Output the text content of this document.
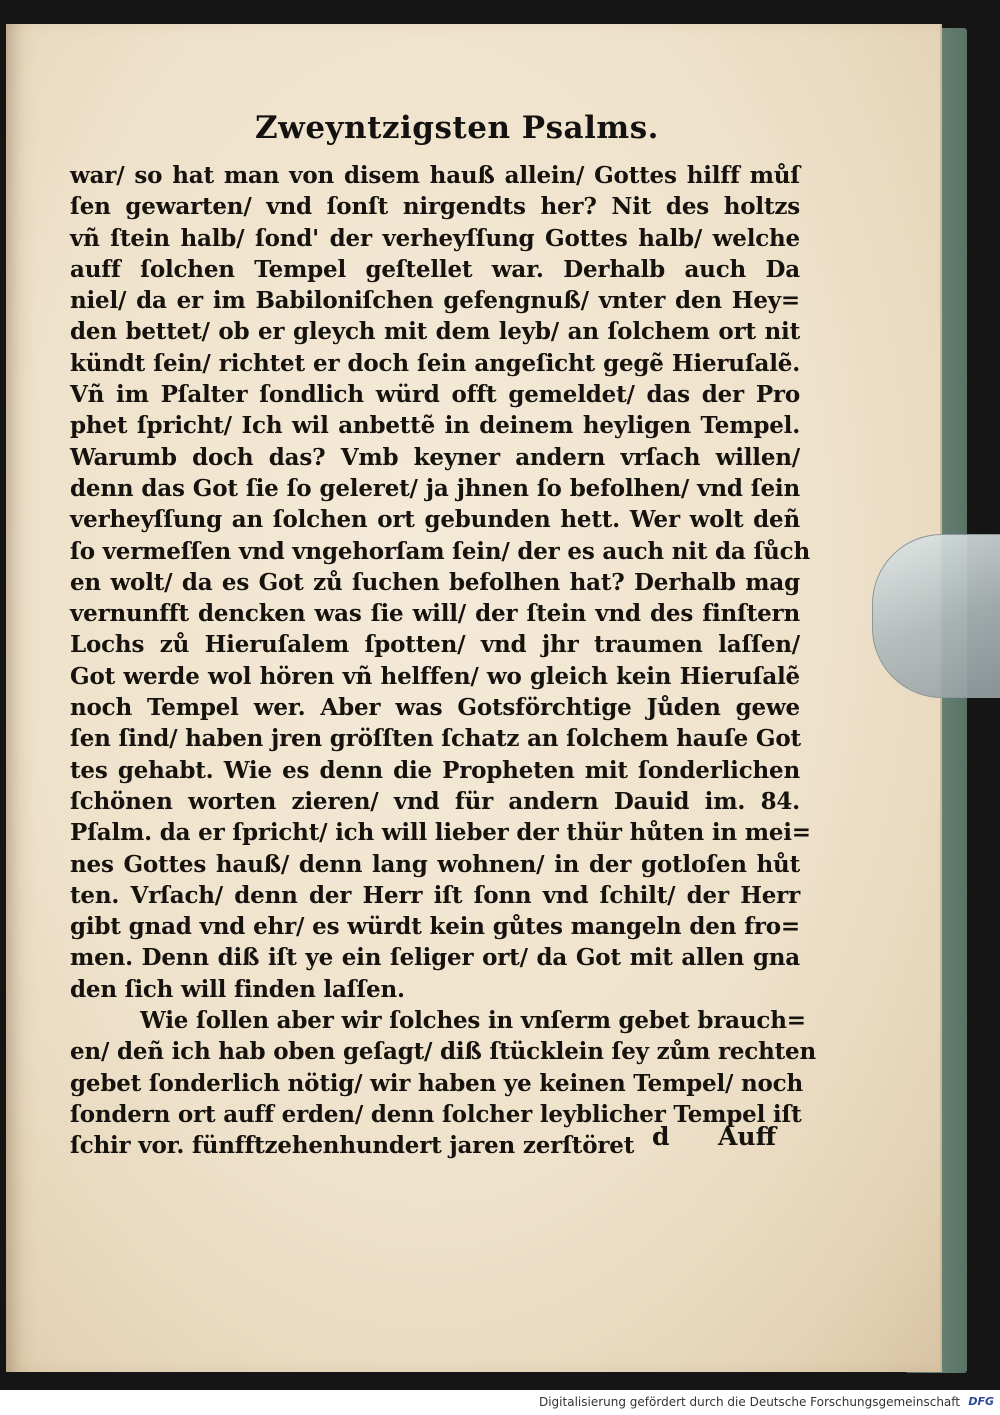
Zweyntzigsten Psalms.
war/ so hat man von disem hauß allein/ Gottes hilff můſ
ſen gewarten/ vnd ſonſt nirgendts her? Nit des holtzs
vñ ſtein halb/ ſond' der verheyſſung Gottes halb/ welche
auff ſolchen Tempel geſtellet war. Derhalb auch Da
niel/ da er im Babiloniſchen gefengnuß/ vnter den Hey=
den bettet/ ob er gleych mit dem leyb/ an ſolchem ort nit
kündt ſein/ richtet er doch ſein angeſicht gegẽ Hieruſalẽ.
Vñ im Pſalter ſondlich würd offt gemeldet/ das der Pro
phet ſpricht/ Ich wil anbettẽ in deinem heyligen Tempel.
Warumb doch das? Vmb keyner andern vrſach willen/
denn das Got ſie ſo geleret/ ja jhnen ſo befolhen/ vnd ſein
verheyſſung an ſolchen ort gebunden hett. Wer wolt deñ
ſo vermeſſen vnd vngehorſam ſein/ der es auch nit da ſůch
en wolt/ da es Got zů ſuchen befolhen hat? Derhalb mag
vernunfft dencken was ſie will/ der ſtein vnd des finſtern
Lochs zů Hieruſalem ſpotten/ vnd jhr traumen laſſen/
Got werde wol hören vñ helffen/ wo gleich kein Hieruſalẽ
noch Tempel wer. Aber was Gotsförchtige Jůden gewe
ſen ſind/ haben jren gröſſten ſchatz an ſolchem hauſe Got
tes gehabt. Wie es denn die Propheten mit ſonderlichen
ſchönen worten zieren/ vnd für andern Dauid im. 84.
Pſalm. da er ſpricht/ ich will lieber der thür hůten in mei=
nes Gottes hauß/ denn lang wohnen/ in der gotloſen hůt
ten. Vrſach/ denn der Herr iſt ſonn vnd ſchilt/ der Herr
gibt gnad vnd ehr/ es würdt kein gůtes mangeln den fro=
men. Denn diß iſt ye ein ſeliger ort/ da Got mit allen gna
den ſich will finden laſſen.
Wie ſollen aber wir ſolches in vnſerm gebet brauch=
en/ deñ ich hab oben geſagt/ diß ſtücklein ſey zům rechten
gebet ſonderlich nötig/ wir haben ye keinen Tempel/ noch
ſondern ort auff erden/ denn ſolcher leyblicher Tempel iſt
ſchir vor. fünfftzehenhundert jaren zerſtöret d Auff
Digitalisierung gefördert durch die Deutsche Forschungsgemeinschaft DFG
